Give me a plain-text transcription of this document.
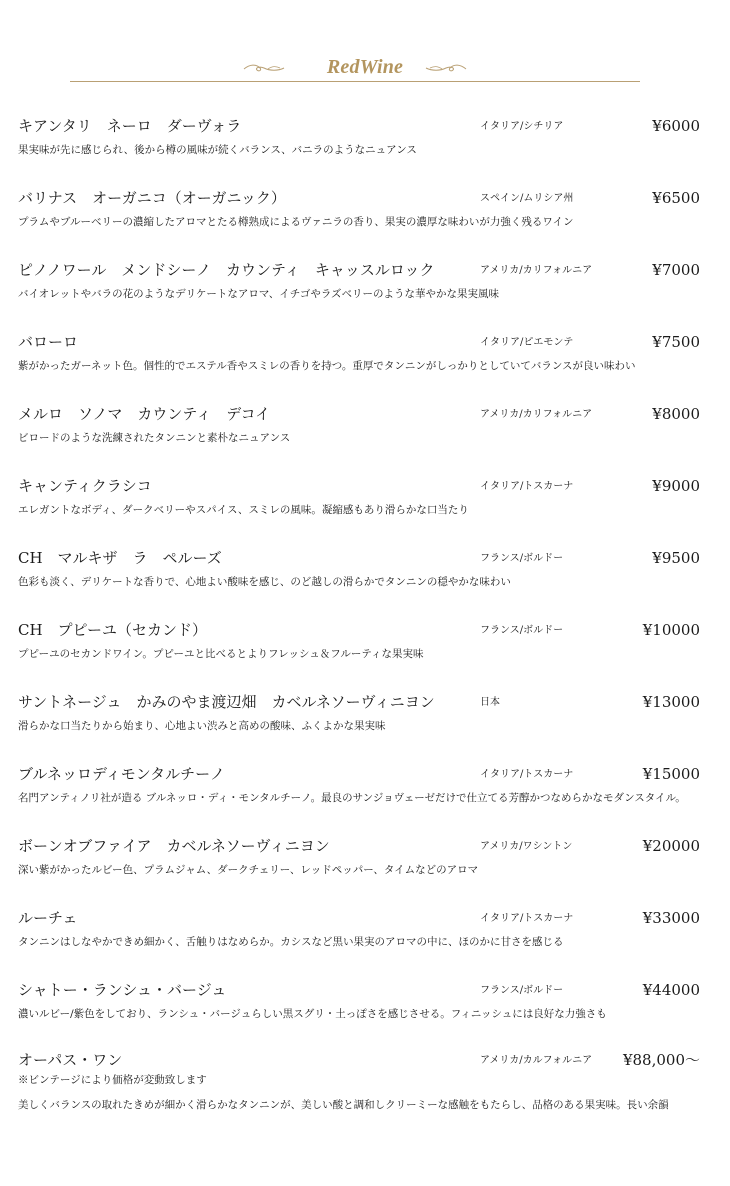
RedWine
キアンタリ　ネーロ　ダーヴォラ	イタリア/シチリア	¥6000
果実味が先に感じられ、後から樽の風味が続くバランス、バニラのようなニュアンス
バリナス　オーガニコ（オーガニック）	スペイン/ムリシア州	¥6500
プラムやブルーベリーの濃縮したアロマとたる樽熟成によるヴァニラの香り、果実の濃厚な味わいが力強く残るワイン
ピノノワール　メンドシーノ　カウンティ　キャッスルロック	アメリカ/カリフォルニア	¥7000
バイオレットやバラの花のようなデリケートなアロマ、イチゴやラズベリーのような華やかな果実風味
バローロ	イタリア/ピエモンテ	¥7500
紫がかったガーネット色。個性的でエステル香やスミレの香りを持つ。重厚でタンニンがしっかりとしていてバランスが良い味わい
メルロ　ソノマ　カウンティ　デコイ	アメリカ/カリフォルニア	¥8000
ビロードのような洗練されたタンニンと素朴なニュアンス
キャンティクラシコ	イタリア/トスカーナ	¥9000
エレガントなボディ、ダークベリーやスパイス、スミレの風味。凝縮感もあり滑らかな口当たり
CH　マルキザ　ラ　ペルーズ	フランス/ボルドー	¥9500
色彩も淡く、デリケートな香りで、心地よい酸味を感じ、のど越しの滑らかでタンニンの穏やかな味わい
CH　プピーユ（セカンド）	フランス/ボルドー	¥10000
プピーユのセカンドワイン。プピーユと比べるとよりフレッシュ＆フルーティな果実味
サントネージュ　かみのやま渡辺畑　カベルネソーヴィニヨン	日本	¥13000
滑らかな口当たりから始まり、心地よい渋みと高めの酸味、ふくよかな果実味
ブルネッロディモンタルチーノ	イタリア/トスカーナ	¥15000
名門アンティノリ社が造る ブルネッロ・ディ・モンタルチーノ。最良のサンジョヴェーゼだけで仕立てる芳醇かつなめらかなモダンスタイル。
ボーンオブファイア　カベルネソーヴィニヨン	アメリカ/ワシントン	¥20000
深い紫がかったルビー色、プラムジャム、ダークチェリー、レッドペッパー、タイムなどのアロマ
ルーチェ	イタリア/トスカーナ	¥33000
タンニンはしなやかできめ細かく、舌触りはなめらか。カシスなど黒い果実のアロマの中に、ほのかに甘さを感じる
シャトー・ランシュ・バージュ	フランス/ボルドー	¥44000
濃いルビー/紫色をしており、ランシュ・バージュらしい黒スグリ・土っぽさを感じさせる。フィニッシュには良好な力強さも
オーパス・ワン	アメリカ/カルフォルニア ¥88,000～
※ビンテージにより価格が変動致します
美しくバランスの取れたきめが細かく滑らかなタンニンが、美しい酸と調和しクリーミーな感触をもたらし、品格のある果実味。長い余韻
